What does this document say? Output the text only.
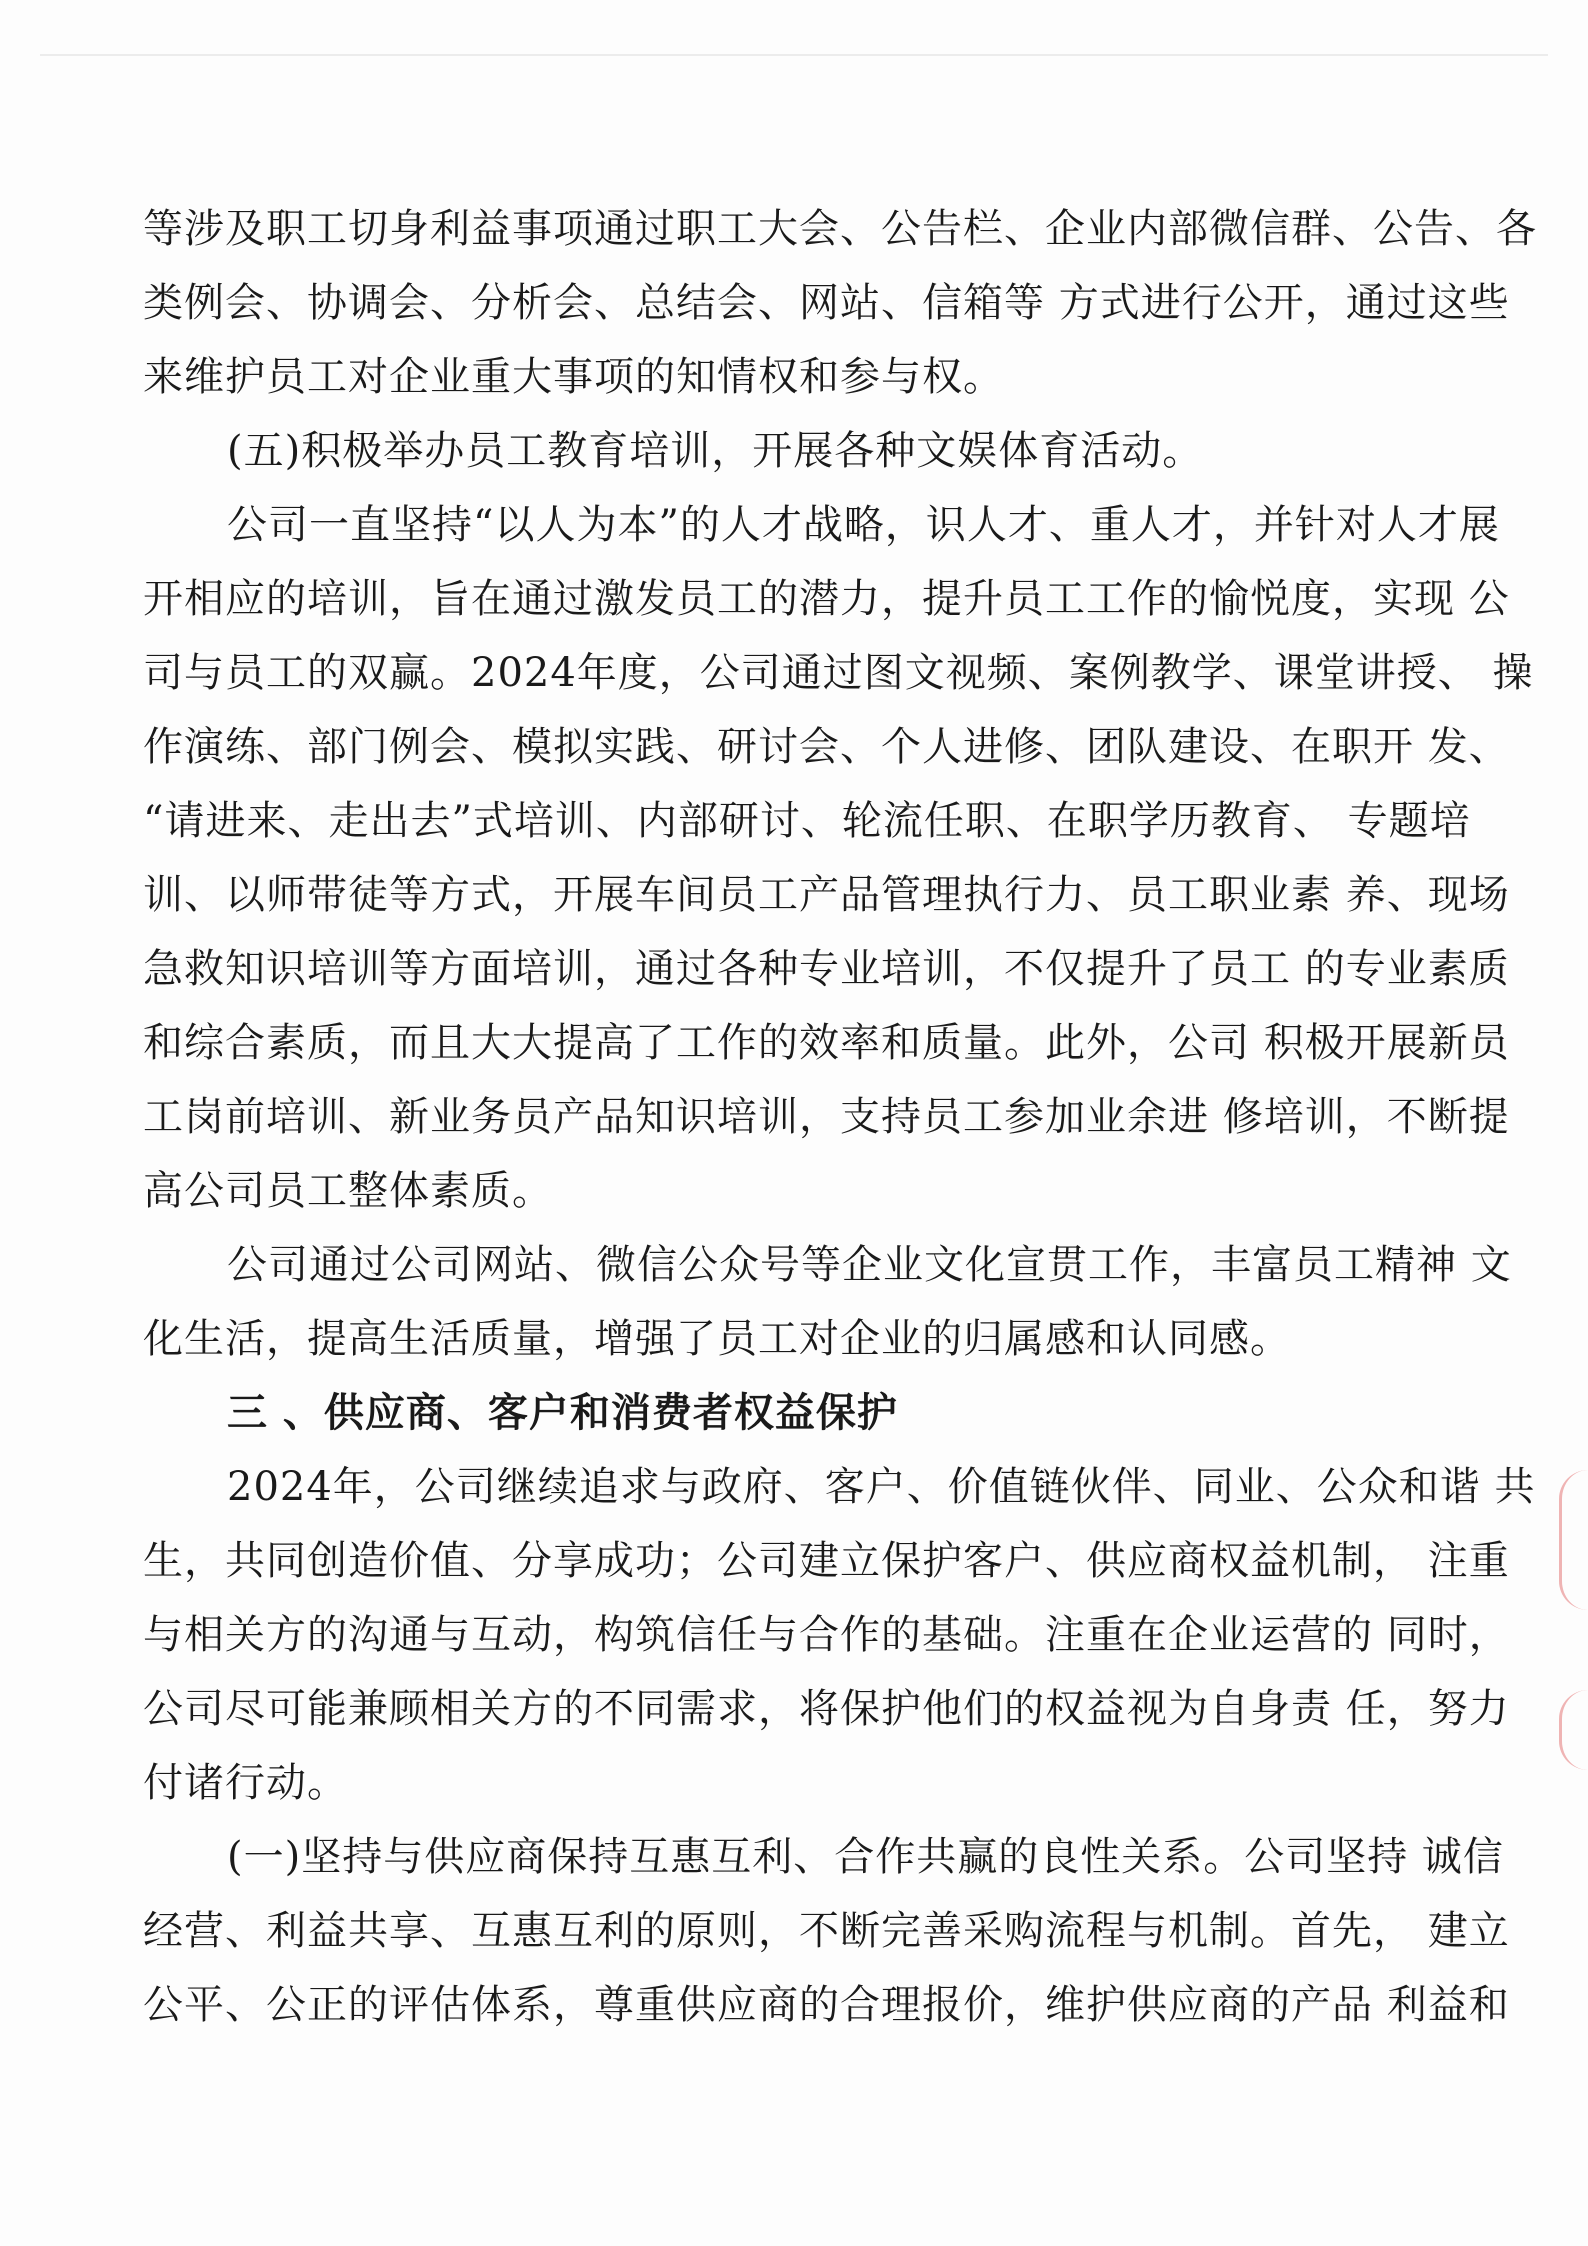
等涉及职工切身利益事项通过职工大会、公告栏、企业内部微信群、公告、各
类例会、协调会、分析会、总结会、网站、信箱等 方式进行公开，通过这些
来维护员工对企业重大事项的知情权和参与权。
(五)积极举办员工教育培训，开展各种文娱体育活动。
公司一直坚持“以人为本”的人才战略，识人才、重人才，并针对人才展
开相应的培训，旨在通过激发员工的潜力，提升员工工作的愉悦度，实现 公
司与员工的双赢。2024年度，公司通过图文视频、案例教学、课堂讲授、 操
作演练、部门例会、模拟实践、研讨会、个人进修、团队建设、在职开 发、
“请进来、走出去”式培训、内部研讨、轮流任职、在职学历教育、 专题培
训、以师带徒等方式，开展车间员工产品管理执行力、员工职业素 养、现场
急救知识培训等方面培训，通过各种专业培训，不仅提升了员工 的专业素质
和综合素质，而且大大提高了工作的效率和质量。此外，公司 积极开展新员
工岗前培训、新业务员产品知识培训，支持员工参加业余进 修培训，不断提
高公司员工整体素质。
公司通过公司网站、微信公众号等企业文化宣贯工作，丰富员工精神 文
化生活，提高生活质量，增强了员工对企业的归属感和认同感。
三 、供应商、客户和消费者权益保护
2024年，公司继续追求与政府、客户、价值链伙伴、同业、公众和谐 共
生，共同创造价值、分享成功；公司建立保护客户、供应商权益机制， 注重
与相关方的沟通与互动，构筑信任与合作的基础。注重在企业运营的 同时，
公司尽可能兼顾相关方的不同需求，将保护他们的权益视为自身责 任，努力
付诸行动。
(一)坚持与供应商保持互惠互利、合作共赢的良性关系。公司坚持 诚信
经营、利益共享、互惠互利的原则，不断完善采购流程与机制。首先， 建立
公平、公正的评估体系，尊重供应商的合理报价，维护供应商的产品 利益和
